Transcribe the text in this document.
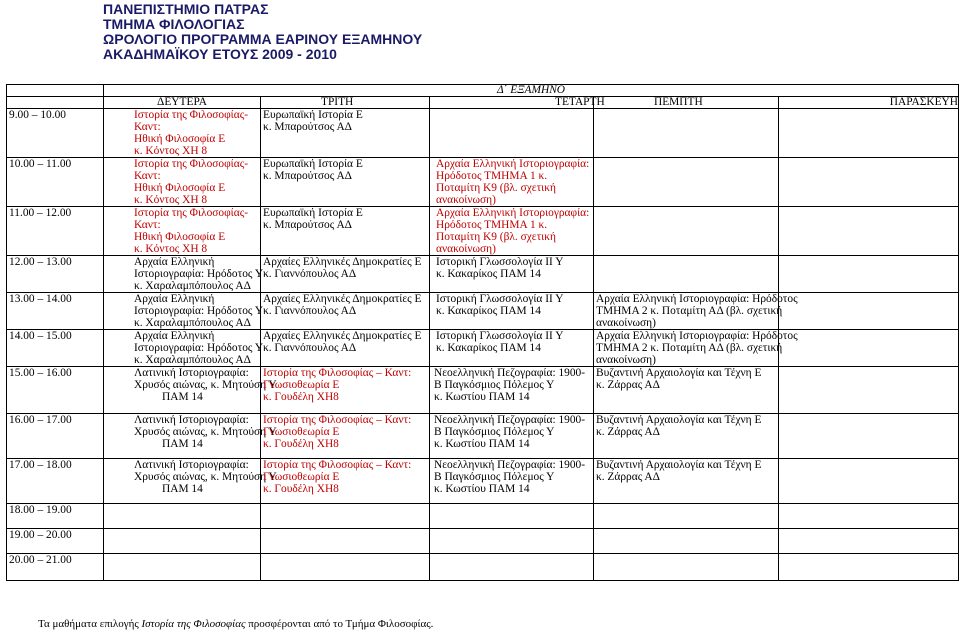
ΠΑΝΕΠΙΣΤΗΜΙΟ ΠΑΤΡΑΣ
ΤΜΗΜΑ ΦΙΛΟΛΟΓΙΑΣ
ΩΡΟΛΟΓΙΟ ΠΡΟΓΡΑΜΜΑ ΕΑΡΙΝΟΥ ΕΞΑΜΗΝΟΥ
ΑΚΑΔΗΜΑΪΚΟΥ ΕΤΟΥΣ 2009 - 2010
	Δ΄ ΕΞΑΜΗΝΟ				
	ΔΕΥΤΕΡΑ	ΤΡΙΤΗ	ΤΕΤΑΡΤΗ	ΠΕΜΠΤΗ	ΠΑΡΑΣΚΕΥΗ
9.00 – 10.00	Ιστορία της Φιλοσοφίας-
Καντ:
Ηθική Φιλοσοφία Ε
κ. Κόντος ΧΗ 8	Ευρωπαϊκή Ιστορία Ε
κ. Μπαρούτσος ΑΔ			

10.00 – 11.00	Ιστορία της Φιλοσοφίας-
Καντ:
Ηθική Φιλοσοφία Ε
κ. Κόντος ΧΗ 8	Ευρωπαϊκή Ιστορία Ε
κ. Μπαρούτσος ΑΔ	Αρχαία Ελληνική Ιστοριογραφία:
Ηρόδοτος ΤΜΗΜΑ 1 κ.
Ποταμίτη Κ9 (βλ. σχετική
ανακοίνωση)		

11.00 – 12.00	Ιστορία της Φιλοσοφίας-
Καντ:
Ηθική Φιλοσοφία Ε
κ. Κόντος ΧΗ 8	Ευρωπαϊκή Ιστορία Ε
κ. Μπαρούτσος ΑΔ	Αρχαία Ελληνική Ιστοριογραφία:
Ηρόδοτος ΤΜΗΜΑ 1 κ.
Ποταμίτη Κ9 (βλ. σχετική
ανακοίνωση)		

12.00 – 13.00	Αρχαία Ελληνική
Ιστοριογραφία: Ηρόδοτος Υ
κ. Χαραλαμπόπουλος ΑΔ	Αρχαίες Ελληνικές Δημοκρατίες Ε
κ. Γιαννόπουλος ΑΔ	Ιστορική Γλωσσολογία ΙΙ Υ
κ. Κακαρίκος ΠΑΜ 14		

13.00 – 14.00	Αρχαία Ελληνική
Ιστοριογραφία: Ηρόδοτος Υ
κ. Χαραλαμπόπουλος ΑΔ	Αρχαίες Ελληνικές Δημοκρατίες Ε
κ. Γιαννόπουλος ΑΔ	Ιστορική Γλωσσολογία ΙΙ Υ
κ. Κακαρίκος ΠΑΜ 14	Αρχαία Ελληνική Ιστοριογραφία: Ηρόδοτος
ΤΜΗΜΑ 2 κ. Ποταμίτη ΑΔ (βλ. σχετική
ανακοίνωση)	

14.00 – 15.00	Αρχαία Ελληνική
Ιστοριογραφία: Ηρόδοτος Υ
κ. Χαραλαμπόπουλος ΑΔ	Αρχαίες Ελληνικές Δημοκρατίες Ε
κ. Γιαννόπουλος ΑΔ	Ιστορική Γλωσσολογία ΙΙ Υ
κ. Κακαρίκος ΠΑΜ 14	Αρχαία Ελληνική Ιστοριογραφία: Ηρόδοτος
ΤΜΗΜΑ 2 κ. Ποταμίτη ΑΔ (βλ. σχετική
ανακοίνωση)	

15.00 – 16.00	Λατινική Ιστοριογραφία:
Χρυσός αιώνας, κ. Μητούση Υ
ΠΑΜ 14	Ιστορία της Φιλοσοφίας – Καντ:
Γνωσιοθεωρία Ε
κ. Γουδέλη ΧΗ8	Νεοελληνική Πεζογραφία: 1900-
Β Παγκόσμιος Πόλεμος Υ
κ. Κωστίου ΠΑΜ 14	Βυζαντινή Αρχαιολογία και Τέχνη Ε
κ. Ζάρρας ΑΔ	

16.00 – 17.00	Λατινική Ιστοριογραφία:
Χρυσός αιώνας, κ. Μητούση Υ
ΠΑΜ 14	Ιστορία της Φιλοσοφίας – Καντ:
Γνωσιοθεωρία Ε
κ. Γουδέλη ΧΗ8	Νεοελληνική Πεζογραφία: 1900-
Β Παγκόσμιος Πόλεμος Υ
κ. Κωστίου ΠΑΜ 14	Βυζαντινή Αρχαιολογία και Τέχνη Ε
κ. Ζάρρας ΑΔ	

17.00 – 18.00	Λατινική Ιστοριογραφία:
Χρυσός αιώνας, κ. Μητούση Υ
ΠΑΜ 14	Ιστορία της Φιλοσοφίας – Καντ:
Γνωσιοθεωρία Ε
κ. Γουδέλη ΧΗ8	Νεοελληνική Πεζογραφία: 1900-
Β Παγκόσμιος Πόλεμος Υ
κ. Κωστίου ΠΑΜ 14	Βυζαντινή Αρχαιολογία και Τέχνη Ε
κ. Ζάρρας ΑΔ	

18.00 – 19.00					
19.00 – 20.00					
20.00 – 21.00					
Τα μαθήματα επιλογής Ιστορία της Φιλοσοφίας προσφέρονται από το Τμήμα Φιλοσοφίας.
